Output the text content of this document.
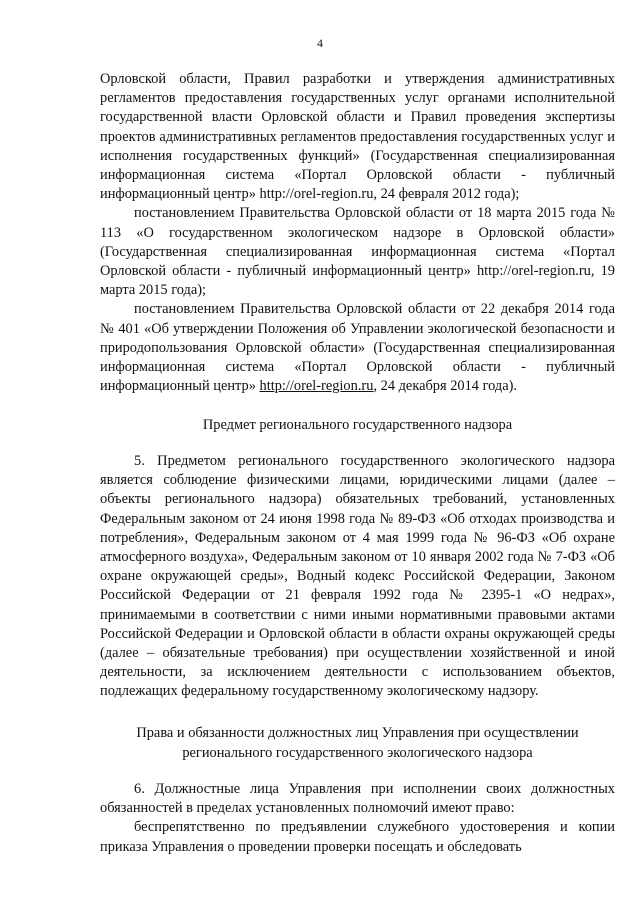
4

Орловской области, Правил разработки и утверждения административных регламентов предоставления государственных услуг органами исполнительной государственной власти Орловской области и Правил проведения экспертизы проектов административных регламентов предоставления государственных услуг и исполнения государственных функций» (Государственная специализированная информационная система «Портал Орловской области - публичный информационный центр» http://orel-region.ru, 24 февраля 2012 года);

постановлением Правительства Орловской области от 18 марта 2015 года № 113 «О государственном экологическом надзоре в Орловской области» (Государственная специализированная информационная система «Портал Орловской области - публичный информационный центр» http://orel-region.ru, 19 марта 2015 года);

постановлением Правительства Орловской области от 22 декабря 2014 года № 401 «Об утверждении Положения об Управлении экологической безопасности и природопользования Орловской области» (Государственная специализированная информационная система «Портал Орловской области - публичный информационный центр» http://orel-region.ru, 24 декабря 2014 года).

Предмет регионального государственного надзора

5. Предметом регионального государственного экологического надзора является соблюдение физическими лицами, юридическими лицами (далее – объекты регионального надзора) обязательных требований, установленных Федеральным законом от 24 июня 1998 года № 89-ФЗ «Об отходах производства и потребления», Федеральным законом от 4 мая 1999 года № 96-ФЗ «Об охране атмосферного воздуха», Федеральным законом от 10 января 2002 года № 7-ФЗ «Об охране окружающей среды», Водный кодекс Российской Федерации, Законом Российской Федерации от 21 февраля 1992 года № 2395-1 «О недрах», принимаемыми в соответствии с ними иными нормативными правовыми актами Российской Федерации и Орловской области в области охраны окружающей среды (далее – обязательные требования) при осуществлении хозяйственной и иной деятельности, за исключением деятельности с использованием объектов, подлежащих федеральному государственному экологическому надзору.

Права и обязанности должностных лиц Управления при осуществлении
регионального государственного экологического надзора

6. Должностные лица Управления при исполнении своих должностных обязанностей в пределах установленных полномочий имеют право:

беспрепятственно по предъявлении служебного удостоверения и копии приказа Управления о проведении проверки посещать и обследовать
